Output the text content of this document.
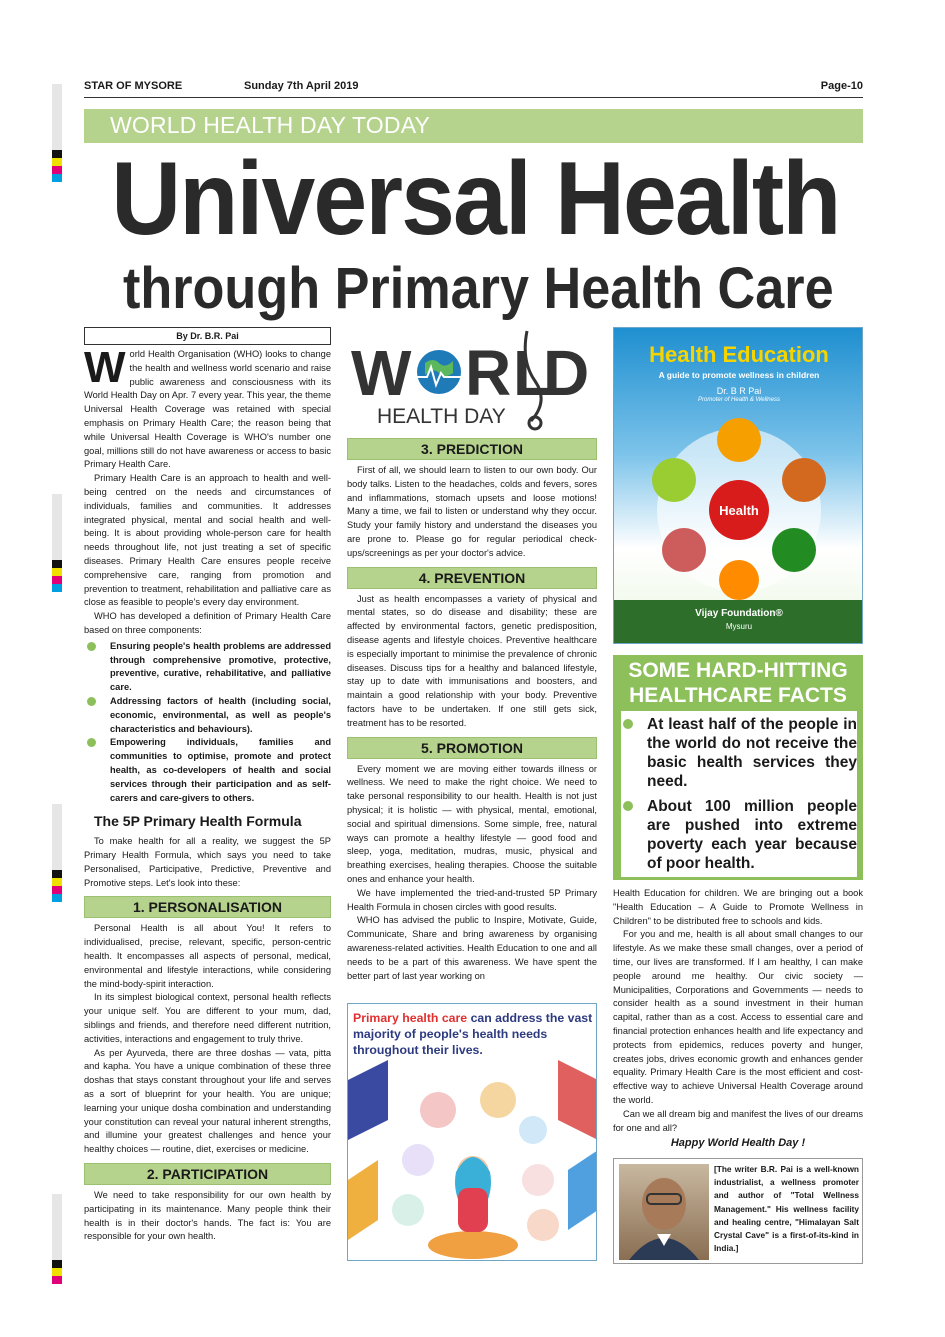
STAR OF MYSORE	Sunday 7th April 2019	Page-10
WORLD HEALTH DAY TODAY
Universal Health
through Primary Health Care
By Dr. B.R. Pai

World Health Organisation (WHO) looks to change the health and wellness world scenario and raise public awareness and consciousness with its World Health Day on Apr. 7 every year. This year, the theme Universal Health Coverage was retained with special emphasis on Primary Health Care; the reason being that while Universal Health Coverage is WHO's number one goal, millions still do not have awareness or access to basic Primary Health Care.

Primary Health Care is an approach to health and well-being centred on the needs and circumstances of individuals, families and communities. It addresses integrated physical, mental and social health and well-being. It is about providing whole-person care for health needs throughout life, not just treating a set of specific diseases. Primary Health Care ensures people receive comprehensive care, ranging from promotion and prevention to treatment, rehabilitation and palliative care as close as feasible to people's every day environment.

WHO has developed a definition of Primary Health Care based on three components:

Ensuring people's health problems are addressed through comprehensive promotive, protective, preventive, curative, rehabilitative, and palliative care.
Addressing factors of health (including social, economic, environmental, as well as people's characteristics and behaviours).
Empowering individuals, families and communities to optimise, promote and protect health, as co-developers of health and social services through their participation and as self-carers and care-givers to others.
The 5P Primary Health Formula

To make health for all a reality, we suggest the 5P Primary Health Formula, which says you need to take Personalised, Participative, Predictive, Preventive and Promotive steps. Let's look into these:

1. PERSONALISATION

Personal Health is all about You! It refers to individualised, precise, relevant, specific, person-centric health. It encompasses all aspects of personal, medical, environmental and lifestyle interactions, while considering the mind-body-spirit interaction.

In its simplest biological context, personal health reflects your unique self. You are different to your mum, dad, siblings and friends, and therefore need different nutrition, activities, interactions and engagement to truly thrive.

As per Ayurveda, there are three doshas — vata, pitta and kapha. You have a unique combination of these three doshas that stays constant throughout your life and serves as a sort of blueprint for your health. You are unique; learning your unique dosha combination and understanding your constitution can reveal your natural inherent strengths, and illumine your greatest challenges and hence your healthy choices — routine, diet, exercises or medicine.

2. PARTICIPATION

We need to take responsibility for our own health by participating in its maintenance. Many people think their health is in their doctor's hands. The fact is: You are responsible for your own health.

W R L
D
HEALTH DAY
3. PREDICTION

First of all, we should learn to listen to our own body. Our body talks. Listen to the headaches, colds and fevers, sores and inflammations, stomach upsets and loose motions! Many a time, we fail to listen or understand why they occur. Study your family history and understand the diseases you are prone to. Please go for regular periodical check-ups/screenings as per your doctor's advice.

4. PREVENTION

Just as health encompasses a variety of physical and mental states, so do disease and disability; these are affected by environmental factors, genetic predisposition, disease agents and lifestyle choices. Preventive healthcare is especially important to minimise the prevalence of chronic diseases. Discuss tips for a healthy and balanced lifestyle, stay up to date with immunisations and boosters, and maintain a good relationship with your body. Preventive factors have to be undertaken. If one still gets sick, treatment has to be resorted.

5. PROMOTION

Every moment we are moving either towards illness or wellness. We need to make the right choice. We need to take personal responsibility to our health. Health is not just physical; it is holistic — with physical, mental, emotional, social and spiritual dimensions. Some simple, free, natural ways can promote a healthy lifestyle — good food and sleep, yoga, meditation, mudras, music, physical and breathing exercises, healing therapies. Choose the suitable ones and enhance your health.

We have implemented the tried-and-trusted 5P Primary Health Formula in chosen circles with good results.

WHO has advised the public to Inspire, Motivate, Guide, Communicate, Share and bring awareness by organising awareness-related activities. Health Education to one and all needs to be a part of this awareness. We have spent the better part of last year working on

Primary health care can address the vast majority of people's health needs throughout their lives.
Health Education
A guide to promote wellness in children
Dr. B R Pai
Promoter of Health & Wellness
Health
Vijay Foundation®
Mysuru
SOME HARD-HITTING HEALTHCARE FACTS
At least half of the people in the world do not receive the basic health services they need.
About 100 million people are pushed into extreme poverty each year because of poor health.

Health Education for children. We are bringing out a book "Health Education – A Guide to Promote Wellness in Children" to be distributed free to schools and kids.

For you and me, health is all about small changes to our lifestyle. As we make these small changes, over a period of time, our lives are transformed. If I am healthy, I can make people around me healthy. Our civic society — Municipalities, Corporations and Governments — needs to consider health as a sound investment in their human capital, rather than as a cost. Access to essential care and financial protection enhances health and life expectancy and protects from epidemics, reduces poverty and hunger, creates jobs, drives economic growth and enhances gender equality. Primary Health Care is the most efficient and cost-effective way to achieve Universal Health Coverage around the world.

Can we all dream big and manifest the lives of our dreams for one and all?

Happy World Health Day !
[The writer B.R. Pai is a well-known industrialist, a wellness promoter and author of "Total Wellness Management." His wellness facility and healing centre, "Himalayan Salt Crystal Cave" is a first-of-its-kind in India.]
